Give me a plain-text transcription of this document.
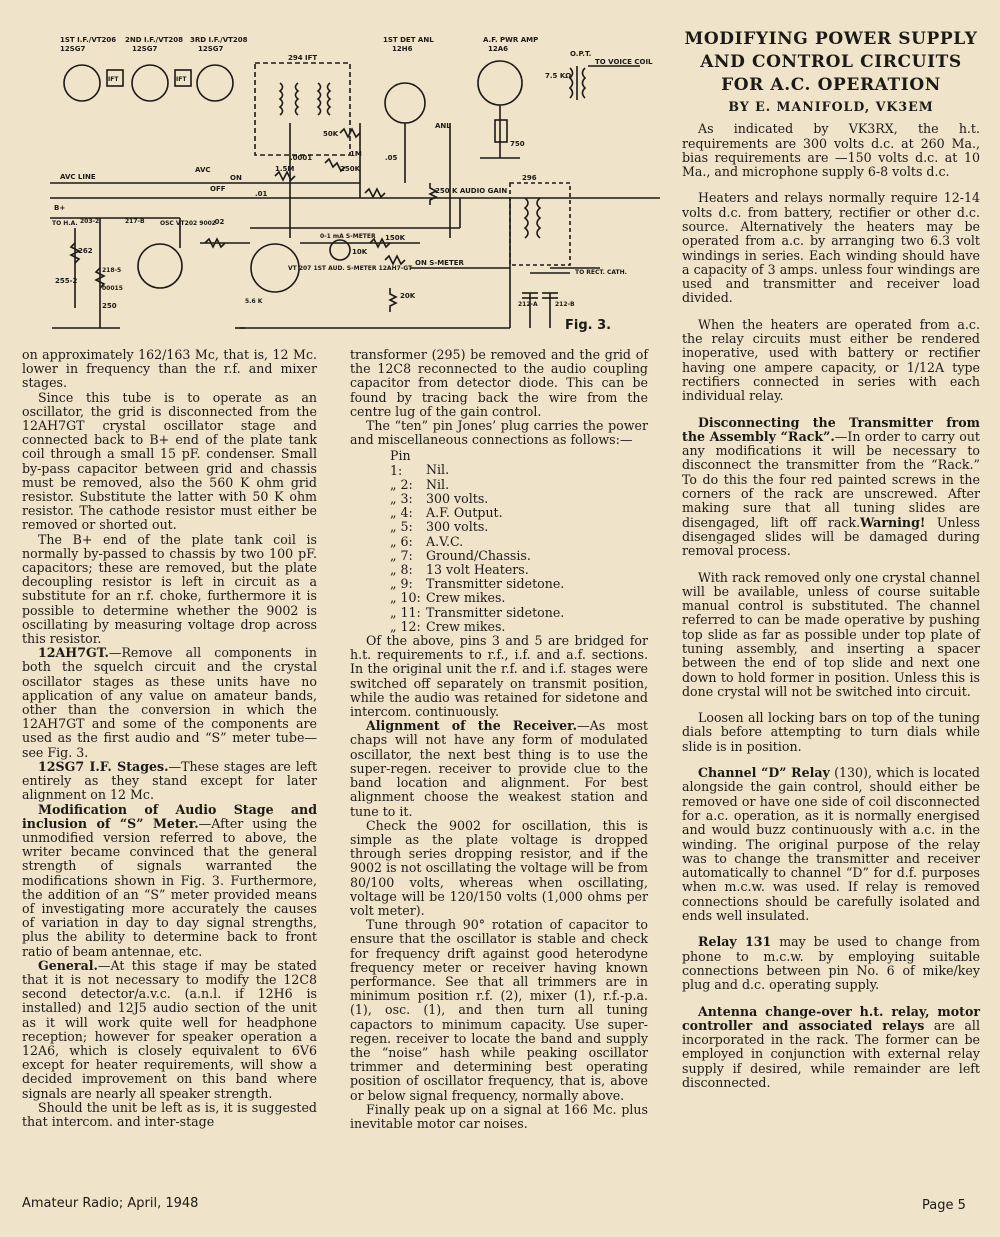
1ST I.F./VT206
12SG7
2ND I.F./VT208
12SG7
3RD I.F./VT208
12SG7
IFT	IFT
294 IFT
1ST DET ANL
12H6
A.F. PWR AMP
12A6
O.P.T.
TO VOICE COIL
7.5 KΩ
AVC LINE
AVC
ON
OFF
ANL
250 K AUDIO GAIN
B+
TO H.A.	OSC VT202 9002
VT 207 1ST AUD. S-METER 12AH7-GT
ON S-METER
0-1 mA S-METER
TO RECT. CATH.
296
50K
1M
250K
1.5M
.0001	.05
.01
.02
10K
150K
20K
750
212-A	212-B
262
255-2
203-2	217-B
218-5
250
00015
5.6 K
Fig. 3.

on approximately 162/163 Mc, that is, 12 Mc. lower in frequency than the r.f. and mixer stages.

Since this tube is to operate as an oscillator, the grid is disconnected from the 12AH7GT crystal oscillator stage and connected back to B+ end of the plate tank coil through a small 15 pF. condenser. Small by-pass capacitor between grid and chassis must be removed, also the 560 K ohm grid resistor. Substitute the latter with 50 K ohm resistor. The cathode resistor must either be removed or shorted out.

The B+ end of the plate tank coil is normally by-passed to chassis by two 100 pF. capacitors; these are removed, but the plate decoupling resistor is left in circuit as a substitute for an r.f. choke, furthermore it is possible to determine whether the 9002 is oscillating by measuring voltage drop across this resistor.

12AH7GT.—Remove all components in both the squelch circuit and the crystal oscillator stages as these units have no application of any value on amateur bands, other than the conversion in which the 12AH7GT and some of the components are used as the first audio and “S” meter tube—see Fig. 3.

12SG7 I.F. Stages.—These stages are left entirely as they stand except for later alignment on 12 Mc.

Modification of Audio Stage and inclusion of “S” Meter.—After using the unmodified version referred to above, the writer became convinced that the general strength of signals warranted the modifications shown in Fig. 3. Furthermore, the addition of an “S” meter provided means of investigating more accurately the causes of variation in day to day signal strengths, plus the ability to determine back to front ratio of beam antennae, etc.

General.—At this stage if may be stated that it is not necessary to modify the 12C8 second detector/a.v.c. (a.n.l. if 12H6 is installed) and 12J5 audio section of the unit as it will work quite well for headphone reception; however for speaker operation a 12A6, which is closely equivalent to 6V6 except for heater requirements, will show a decided improvement on this band where signals are nearly all speaker strength.

Should the unit be left as is, it is suggested that intercom. and inter-stage

transformer (295) be removed and the grid of the 12C8 reconnected to the audio coupling capacitor from detector diode. This can be found by tracing back the wire from the centre lug of the gain control.

The “ten” pin Jones’ plug carries the power and miscellaneous connections as follows:—

Pin 1: Nil.
„ 2: Nil.
„ 3: 300 volts.
„ 4: A.F. Output.
„ 5: 300 volts.
„ 6: A.V.C.
„ 7: Ground/Chassis.
„ 8: 13 volt Heaters.
„ 9: Transmitter sidetone.
„ 10: Crew mikes.
„ 11: Transmitter sidetone.
„ 12: Crew mikes.

Of the above, pins 3 and 5 are bridged for h.t. requirements to r.f., i.f. and a.f. sections. In the original unit the r.f. and i.f. stages were switched off separately on transmit position, while the audio was retained for sidetone and intercom. continuously.

Alignment of the Receiver.—As most chaps will not have any form of modulated oscillator, the next best thing is to use the super-regen. receiver to provide clue to the band location and alignment. For best alignment choose the weakest station and tune to it.

Check the 9002 for oscillation, this is simple as the plate voltage is dropped through series dropping resistor, and if the 9002 is not oscillating the voltage will be from 80/100 volts, whereas when oscillating, voltage will be 120/150 volts (1,000 ohms per volt meter).

Tune through 90° rotation of capacitor to ensure that the oscillator is stable and check for frequency drift against good heterodyne frequency meter or receiver having known performance. See that all trimmers are in minimum position r.f. (2), mixer (1), r.f.-p.a. (1), osc. (1), and then turn all tuning capactors to minimum capacity. Use super-regen. receiver to locate the band and supply the “noise” hash while peaking oscillator trimmer and determining best operating position of oscillator frequency, that is, above or below signal frequency, normally above.

Finally peak up on a signal at 166 Mc. plus inevitable motor car noises.

MODIFYING POWER SUPPLY AND CONTROL CIRCUITS FOR A.C. OPERATION
BY E. MANIFOLD, VK3EM

As indicated by VK3RX, the h.t. requirements are 300 volts d.c. at 260 Ma., bias requirements are —150 volts d.c. at 10 Ma., and microphone supply 6-8 volts d.c.

Heaters and relays normally require 12-14 volts d.c. from battery, rectifier or other d.c. source. Alternatively the heaters may be operated from a.c. by arranging two 6.3 volt windings in series. Each winding should have a capacity of 3 amps. unless four windings are used and transmitter and receiver load divided.

When the heaters are operated from a.c. the relay circuits must either be rendered inoperative, used with battery or rectifier having one ampere capacity, or 1/12A type rectifiers connected in series with each individual relay.

Disconnecting the Transmitter from the Assembly “Rack”.—In order to carry out any modifications it will be necessary to disconnect the transmitter from the “Rack.” To do this the four red painted screws in the corners of the rack are unscrewed. After making sure that all tuning slides are disengaged, lift off rack.Warning! Unless disengaged slides will be damaged during removal process.

With rack removed only one crystal channel will be available, unless of course suitable manual control is substituted. The channel referred to can be made operative by pushing top slide as far as possible under top plate of tuning assembly, and inserting a spacer between the end of top slide and next one down to hold former in position. Unless this is done crystal will not be switched into circuit.

Loosen all locking bars on top of the tuning dials before attempting to turn dials while slide is in position.

Channel “D” Relay (130), which is located alongside the gain control, should either be removed or have one side of coil disconnected for a.c. operation, as it is normally energised and would buzz continuously with a.c. in the winding. The original purpose of the relay was to change the transmitter and receiver automatically to channel “D” for d.f. purposes when m.c.w. was used. If relay is removed connections should be carefully isolated and ends well insulated.

Relay 131 may be used to change from phone to m.c.w. by employing suitable connections between pin No. 6 of mike/key plug and d.c. operating supply.

Antenna change-over h.t. relay, motor controller and associated relays are all incorporated in the rack. The former can be employed in conjunction with external relay supply if desired, while remainder are left disconnected.

Amateur Radio; April, 1948	Page 5
